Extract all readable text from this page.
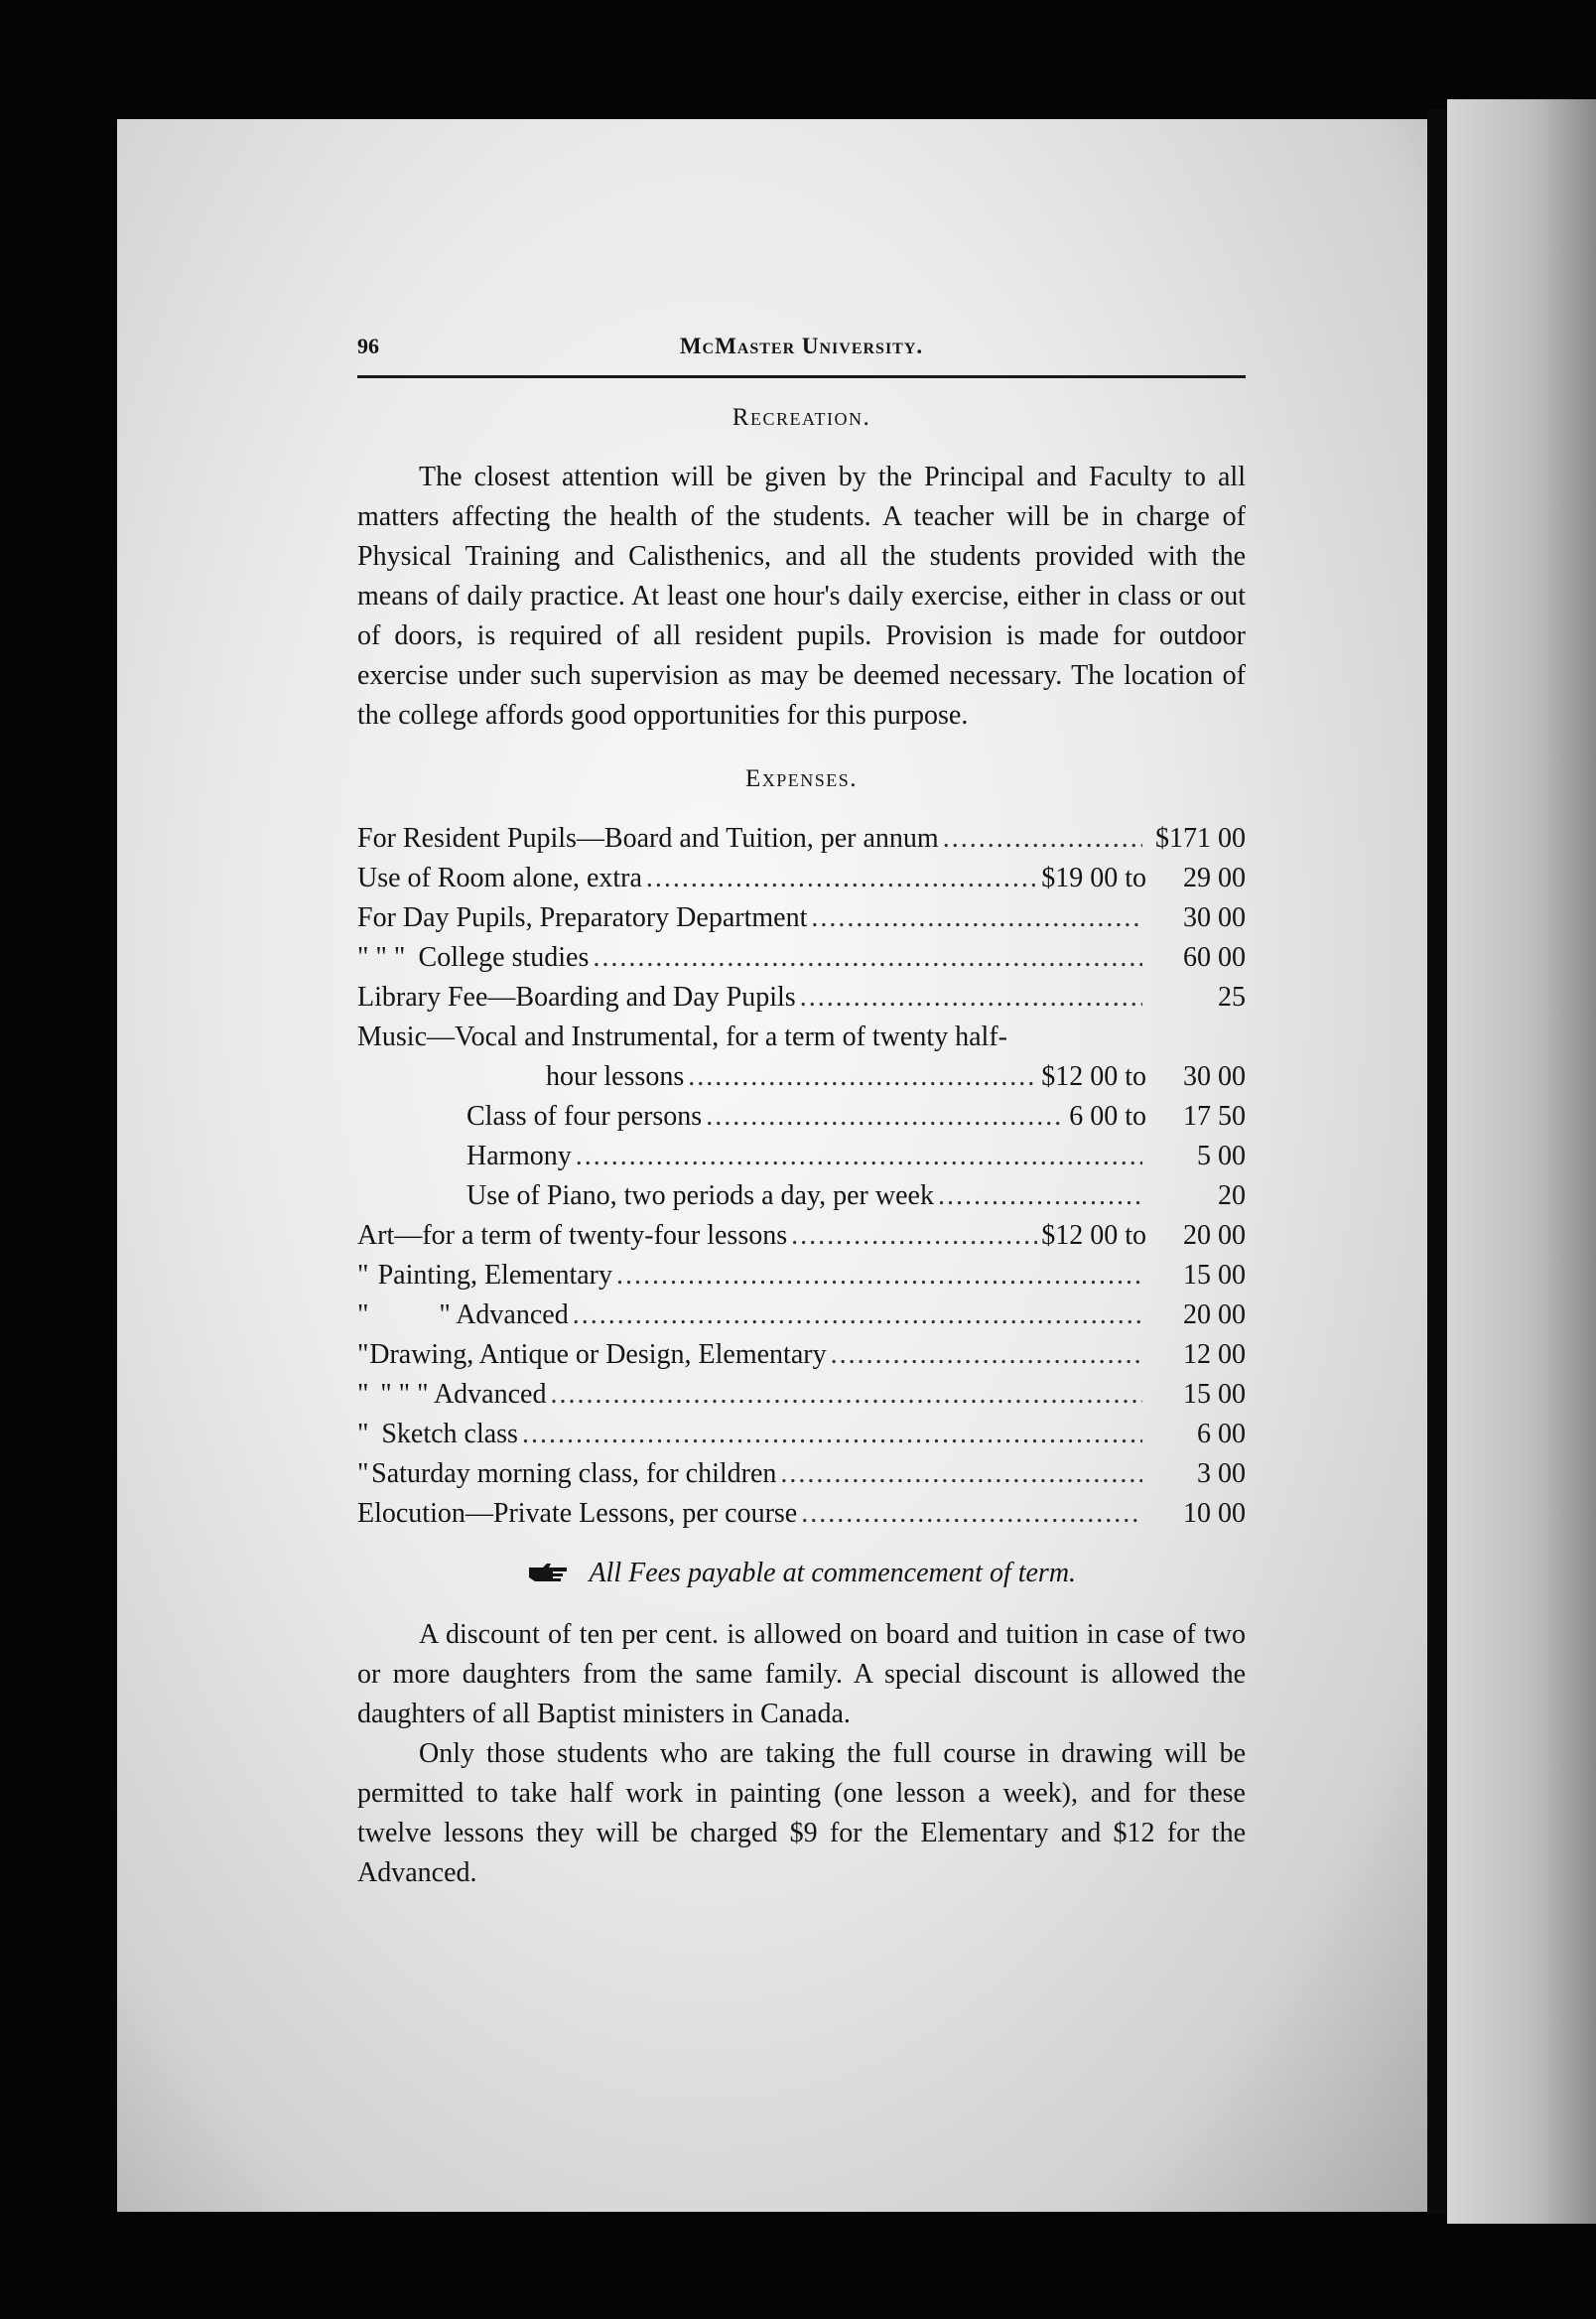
96	McMaster University.
Recreation.

The closest attention will be given by the Principal and Faculty to all matters affecting the health of the students. A teacher will be in charge of Physical Training and Calisthenics, and all the students provided with the means of daily practice. At least one hour's daily exercise, either in class or out of doors, is required of all resident pupils. Provision is made for outdoor exercise under such supervision as may be deemed necessary. The location of the college affords good opportunities for this purpose.

Expenses.
For Resident Pupils—Board and Tuition, per annum .....	$171 00
Use of Room alone, extra .....	$19 00 to	29 00
For Day Pupils, Preparatory Department .....	30 00
" " " College studies .....	60 00
Library Fee—Boarding and Day Pupils .....	25
Music—Vocal and Instrumental, for a term of twenty half-
hour lessons .....	$12 00 to	30 00
Class of four persons .....	6 00 to	17 50
Harmony .....	5 00
Use of Piano, two periods a day, per week .....	20
Art—for a term of twenty-four lessons .....	$12 00 to	20 00
" Painting, Elementary .....	15 00
"	" Advanced .....	20 00
" Drawing, Antique or Design, Elementary .....	12 00
" " " " Advanced .....	15 00
" Sketch class .....	6 00
" Saturday morning class, for children .....	3 00
Elocution—Private Lessons, per course .....	10 00
All Fees payable at commencement of term.

A discount of ten per cent. is allowed on board and tuition in case of two or more daughters from the same family. A special discount is allowed the daughters of all Baptist ministers in Canada.

Only those students who are taking the full course in drawing will be permitted to take half work in painting (one lesson a week), and for these twelve lessons they will be charged $9 for the Elementary and $12 for the Advanced.
